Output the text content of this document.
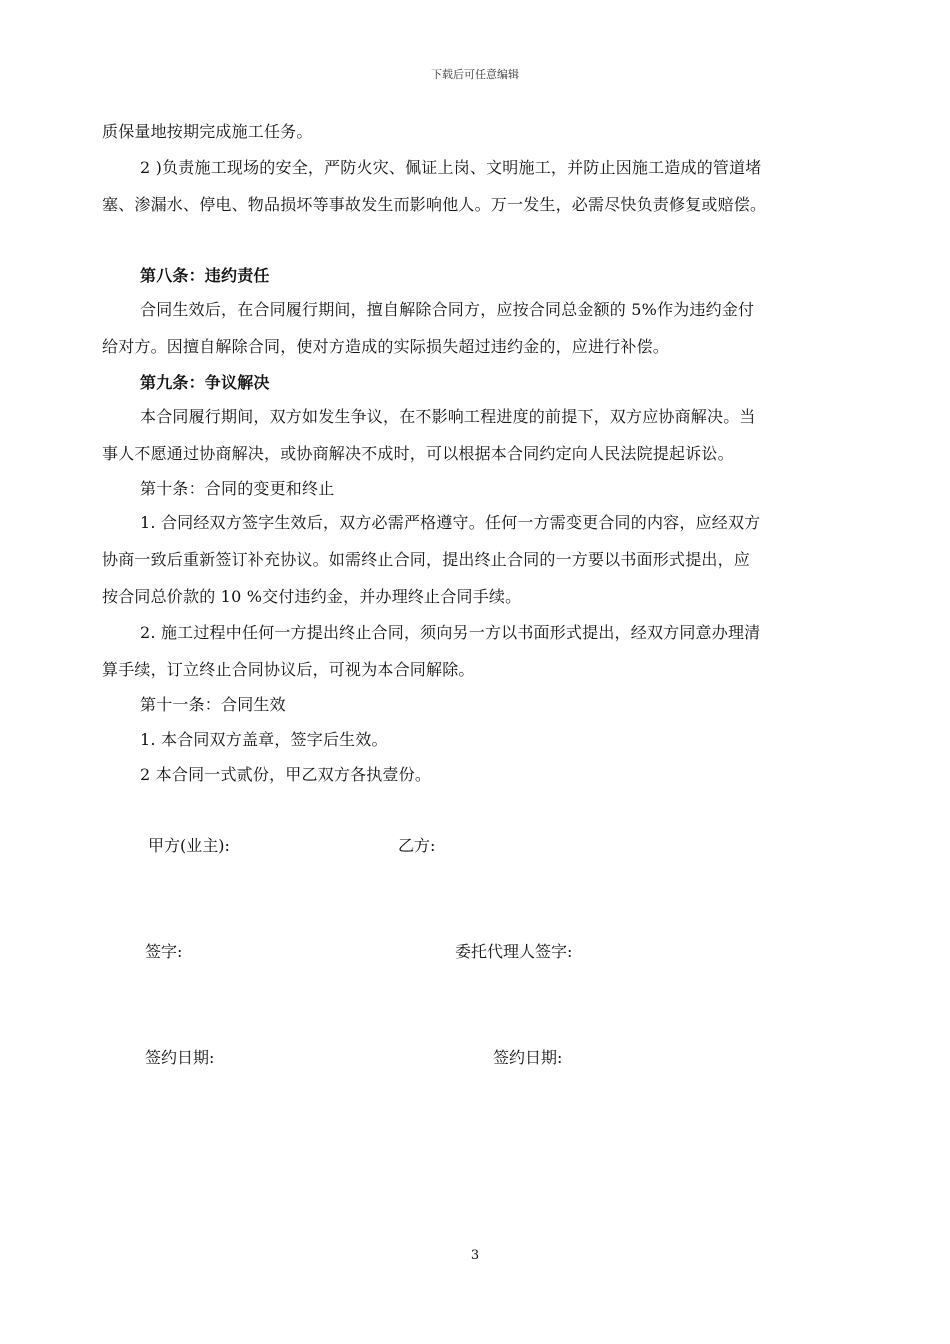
下载后可任意编辑
质保量地按期完成施工任务。
2 )负责施工现场的安全，严防火灾、佩证上岗、文明施工，并防止因施工造成的管道堵
塞、渗漏水、停电、物品损坏等事故发生而影响他人。万一发生，必需尽快负责修复或赔偿。
第八条：违约责任
合同生效后，在合同履行期间，擅自解除合同方，应按合同总金额的 5%作为违约金付
给对方。因擅自解除合同，使对方造成的实际损失超过违约金的，应进行补偿。
第九条：争议解决
本合同履行期间，双方如发生争议，在不影响工程进度的前提下，双方应协商解决。当
事人不愿通过协商解决，或协商解决不成时，可以根据本合同约定向人民法院提起诉讼。
第十条：合同的变更和终止
1. 合同经双方签字生效后，双方必需严格遵守。任何一方需变更合同的内容，应经双方
协商一致后重新签订补充协议。如需终止合同，提出终止合同的一方要以书面形式提出，应
按合同总价款的 10 %交付违约金，并办理终止合同手续。
2. 施工过程中任何一方提出终止合同，须向另一方以书面形式提出，经双方同意办理清
算手续，订立终止合同协议后，可视为本合同解除。
第十一条：合同生效
1. 本合同双方盖章，签字后生效。
2 本合同一式贰份，甲乙双方各执壹份。
甲方(业主):	乙方:
签字:	委托代理人签字:
签约日期:	签约日期:
3
